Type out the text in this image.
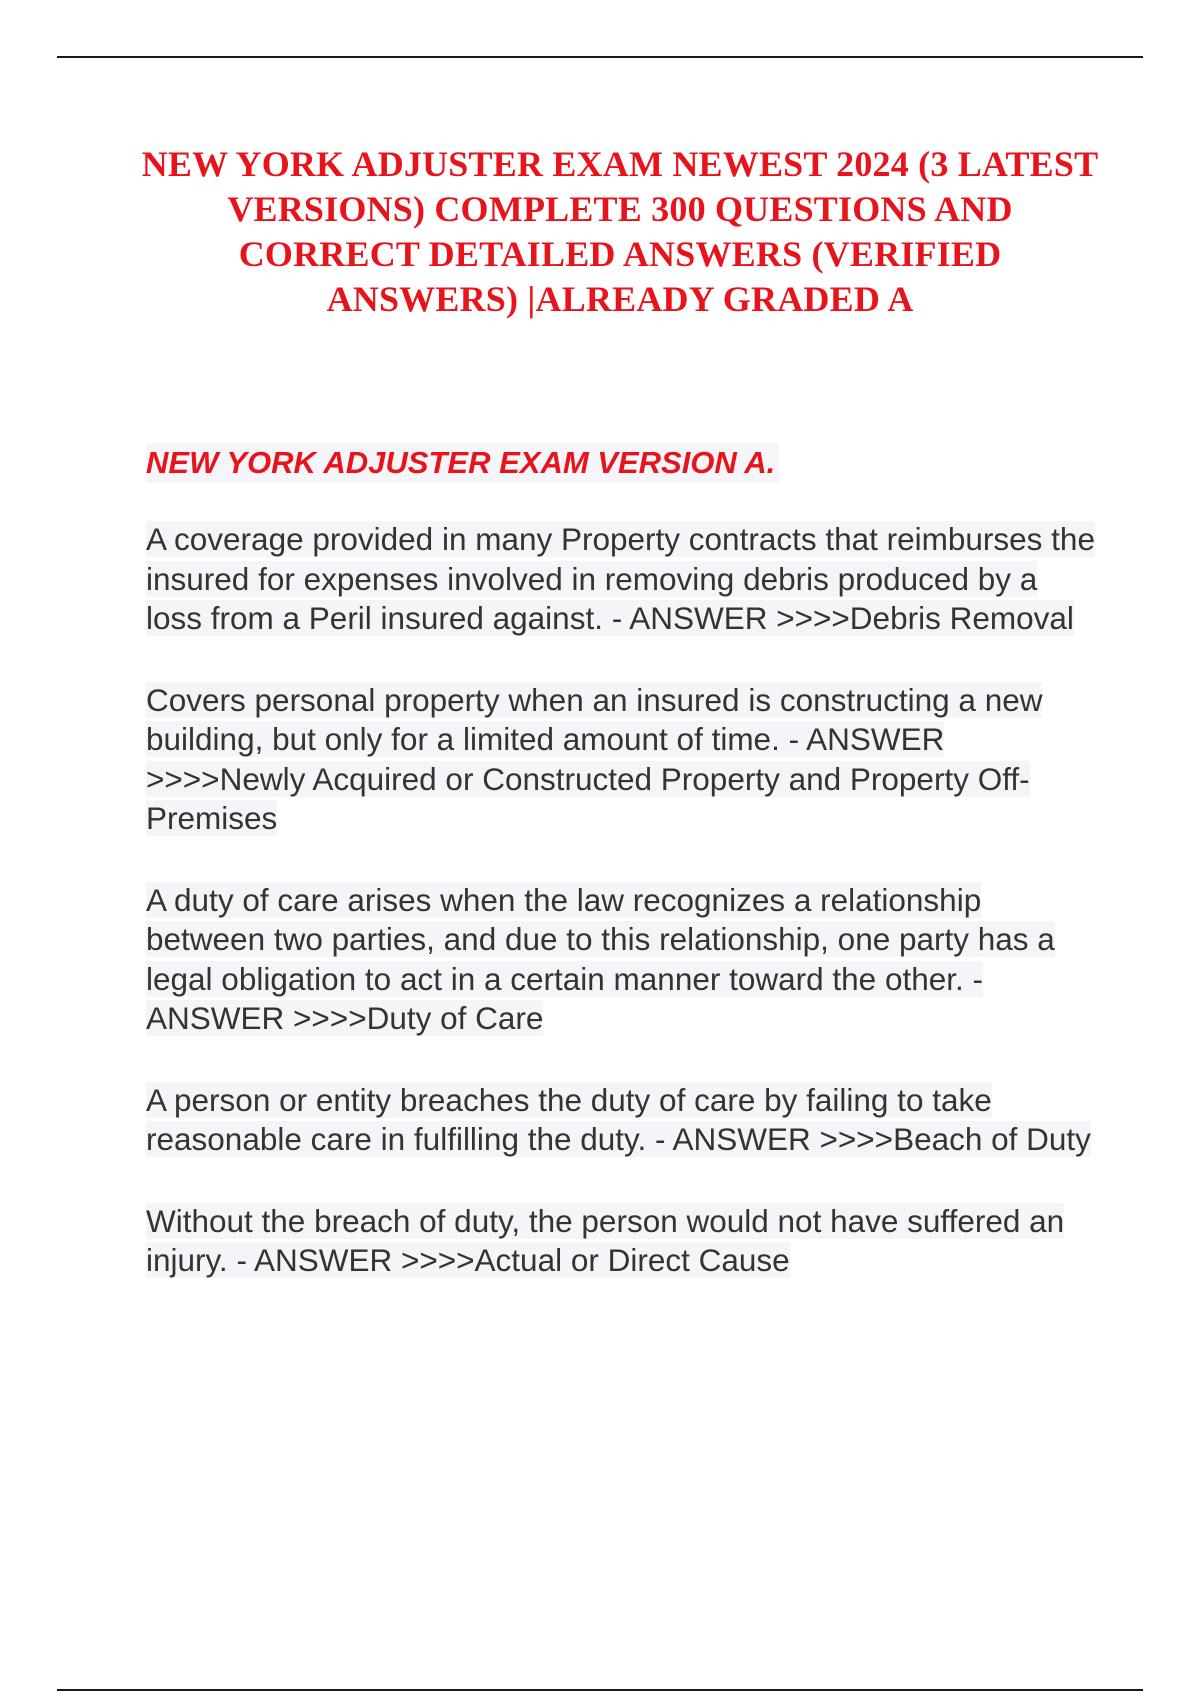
NEW YORK ADJUSTER EXAM NEWEST 2024 (3 LATEST VERSIONS) COMPLETE 300 QUESTIONS AND CORRECT DETAILED ANSWERS (VERIFIED ANSWERS) |ALREADY GRADED A
NEW YORK ADJUSTER EXAM VERSION A.

A coverage provided in many Property contracts that reimburses the insured for expenses involved in removing debris produced by a loss from a Peril insured against. - ANSWER >>>>Debris Removal

Covers personal property when an insured is constructing a new building, but only for a limited amount of time. - ANSWER >>>>Newly Acquired or Constructed Property and Property Off-Premises

A duty of care arises when the law recognizes a relationship between two parties, and due to this relationship, one party has a legal obligation to act in a certain manner toward the other. - ANSWER >>>>Duty of Care

A person or entity breaches the duty of care by failing to take reasonable care in fulfilling the duty. - ANSWER >>>>Beach of Duty

Without the breach of duty, the person would not have suffered an injury. - ANSWER >>>>Actual or Direct Cause
